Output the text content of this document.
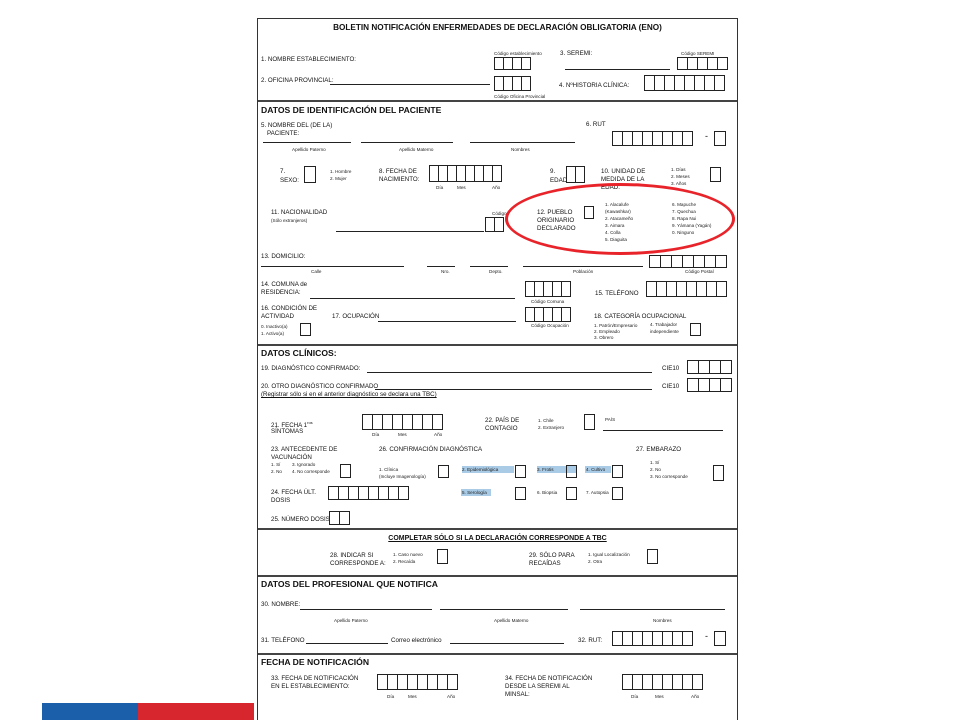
BOLETIN NOTIFICACIÓN ENFERMEDADES DE DECLARACIÓN OBLIGATORIA (ENO)
Código establecimiento	3. SEREMI:	Código SEREMI
1. NOMBRE ESTABLECIMIENTO:
2. OFICINA PROVINCIAL:
4. NºHISTORIA CLÍNICA:
Código Oficina Provincial
DATOS DE IDENTIFICACIÓN DEL PACIENTE
5. NOMBRE DEL (DE LA)
PACIENTE:
6. RUT
-
Apellido Paterno	Apellido Materno	Nombres
7.
SEXO:
1. Hombre
2. Mujer
8. FECHA DE
NACIMIENTO:
Día	Mes	Año
9.
EDAD
10. UNIDAD DE
MEDIDA DE LA
EDAD:
1. Días
2. Meses
3. Años
11. NACIONALIDAD
(Sólo extranjeros)
Código	12. PUEBLO
ORIGINARIO
DECLARADO
1. Alacalufe
(Kawashkar)
2. Atacameño
3. Aimara
4. Colla
5. Diaguita
6. Mapuche
7. Quechua
8. Rapa Nui
9. Yámana (Yagán)
0. Ninguno
13. DOMICILIO:
Calle	Nro.	Depto.	Población	Código Postal
14. COMUNA de
RESIDENCIA:
Código Comuna
15. TELÉFONO
16. CONDICIÓN DE
ACTIVIDAD
0. Inactivo(a)
1. Activo(a)
17. OCUPACIÓN
Código Ocupación
18. CATEGORÍA OCUPACIONAL
1. Patrón/Empresario
2. Empleado
3. Obrero
4. Trabajador
independiente
DATOS CLÍNICOS:
19. DIAGNÓSTICO CONFIRMADO:	CIE10
20. OTRO DIAGNÓSTICO CONFIRMADO	CIE10
(Registrar sólo si en el anterior diagnóstico se declara una TBC)
21. FECHA $1^{ros}$
SÍNTOMAS	Día	Mes	Año
22. PAÍS DE
CONTAGIO
1. Chile
2. Extranjero
PAÍS
23. ANTECEDENTE DE
VACUNACIÓN
1. Sí
2. No
3. Ignorado
4. No corresponde
26. CONFIRMACIÓN DIAGNÓSTICA	27. EMBARAZO
1. Clínica
(Incluye Imagenología)
2. Epidemiológica	3. Frotis	4. Cultivo
1. Sí
2. No
3. No corresponde
24. FECHA ÚLT.
DOSIS
5. Serología	6. Biopsia	7. Autopsia
25. NÚMERO DOSIS
COMPLETAR SÓLO SI LA DECLARACIÓN CORRESPONDE A TBC
28. INDICAR SI
CORRESPONDE A:
1. Caso nuevo
2. Recaída
29. SÓLO PARA
RECAÍDAS
1. Igual Localización
2. Otra
DATOS DEL PROFESIONAL QUE NOTIFICA
30. NOMBRE:
Apellido Paterno	Apellido Materno	Nombres
31. TELÉFONO	Correo electrónico	32. RUT:	-
FECHA DE NOTIFICACIÓN
33. FECHA DE NOTIFICACIÓN
EN EL ESTABLECIMIENTO:
Día	Mes	Año
34. FECHA DE NOTIFICACIÓN
DESDE LA SEREMI AL
MINSAL:	Día	Mes	Año
